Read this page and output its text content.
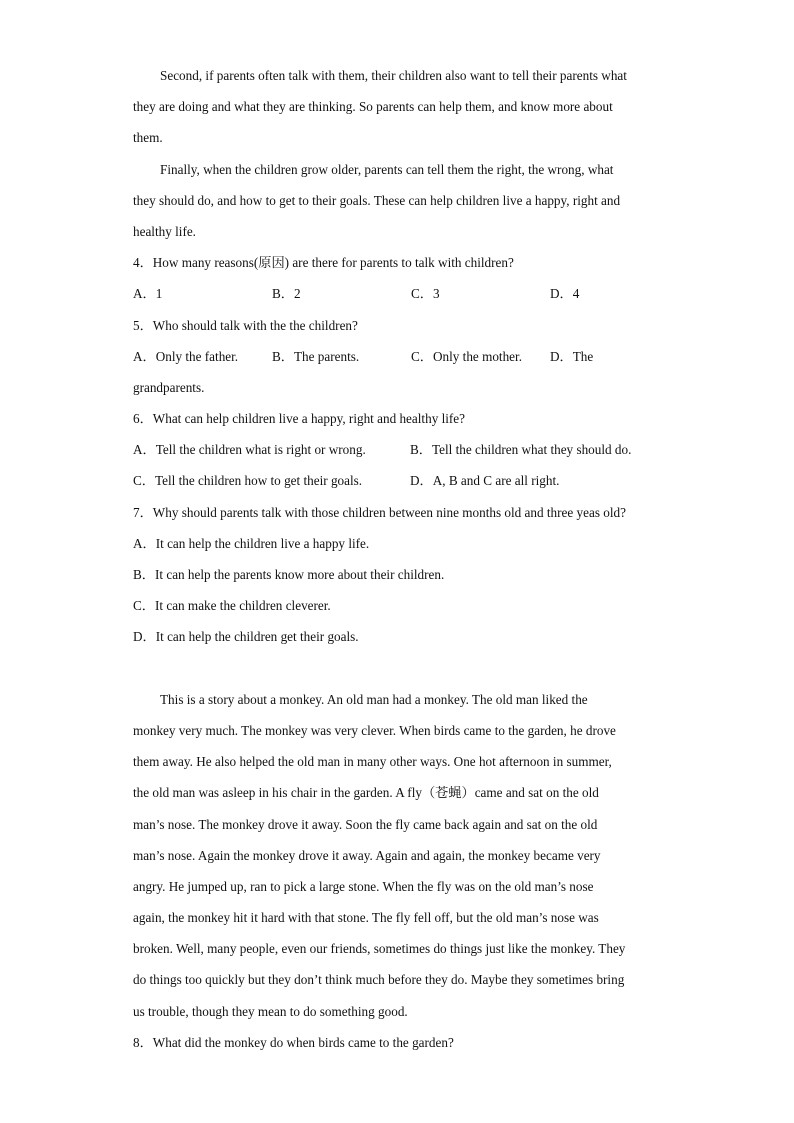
Second, if parents often talk with them, their children also want to tell their parents what
they are doing and what they are thinking. So parents can help them, and know more about
them.
Finally, when the children grow older, parents can tell them the right, the wrong, what
they should do, and how to get to their goals. These can help children live a happy, right and
healthy life.
4．How many reasons(原因) are there for parents to talk with children?
A．1	B．2	C．3	D．4
5．Who should talk with the the children?
A．Only the father.	B．The parents.	C．Only the mother.	D．The
grandparents.
6．What can help children live a happy, right and healthy life?
A．Tell the children what is right or wrong.	B．Tell the children what they should do.
C．Tell the children how to get their goals.	D．A, B and C are all right.
7．Why should parents talk with those children between nine months old and three yeas old?
A．It can help the children live a happy life.
B．It can help the parents know more about their children.
C．It can make the children cleverer.
D．It can help the children get their goals.
This is a story about a monkey. An old man had a monkey. The old man liked the
monkey very much. The monkey was very clever. When birds came to the garden, he drove
them away. He also helped the old man in many other ways. One hot afternoon in summer,
the old man was asleep in his chair in the garden. A fly（苍蝇）came and sat on the old
man’s nose. The monkey drove it away. Soon the fly came back again and sat on the old
man’s nose. Again the monkey drove it away. Again and again, the monkey became very
angry. He jumped up, ran to pick a large stone. When the fly was on the old man’s nose
again, the monkey hit it hard with that stone. The fly fell off, but the old man’s nose was
broken. Well, many people, even our friends, sometimes do things just like the monkey. They
do things too quickly but they don’t think much before they do. Maybe they sometimes bring
us trouble, though they mean to do something good.
8．What did the monkey do when birds came to the garden?
